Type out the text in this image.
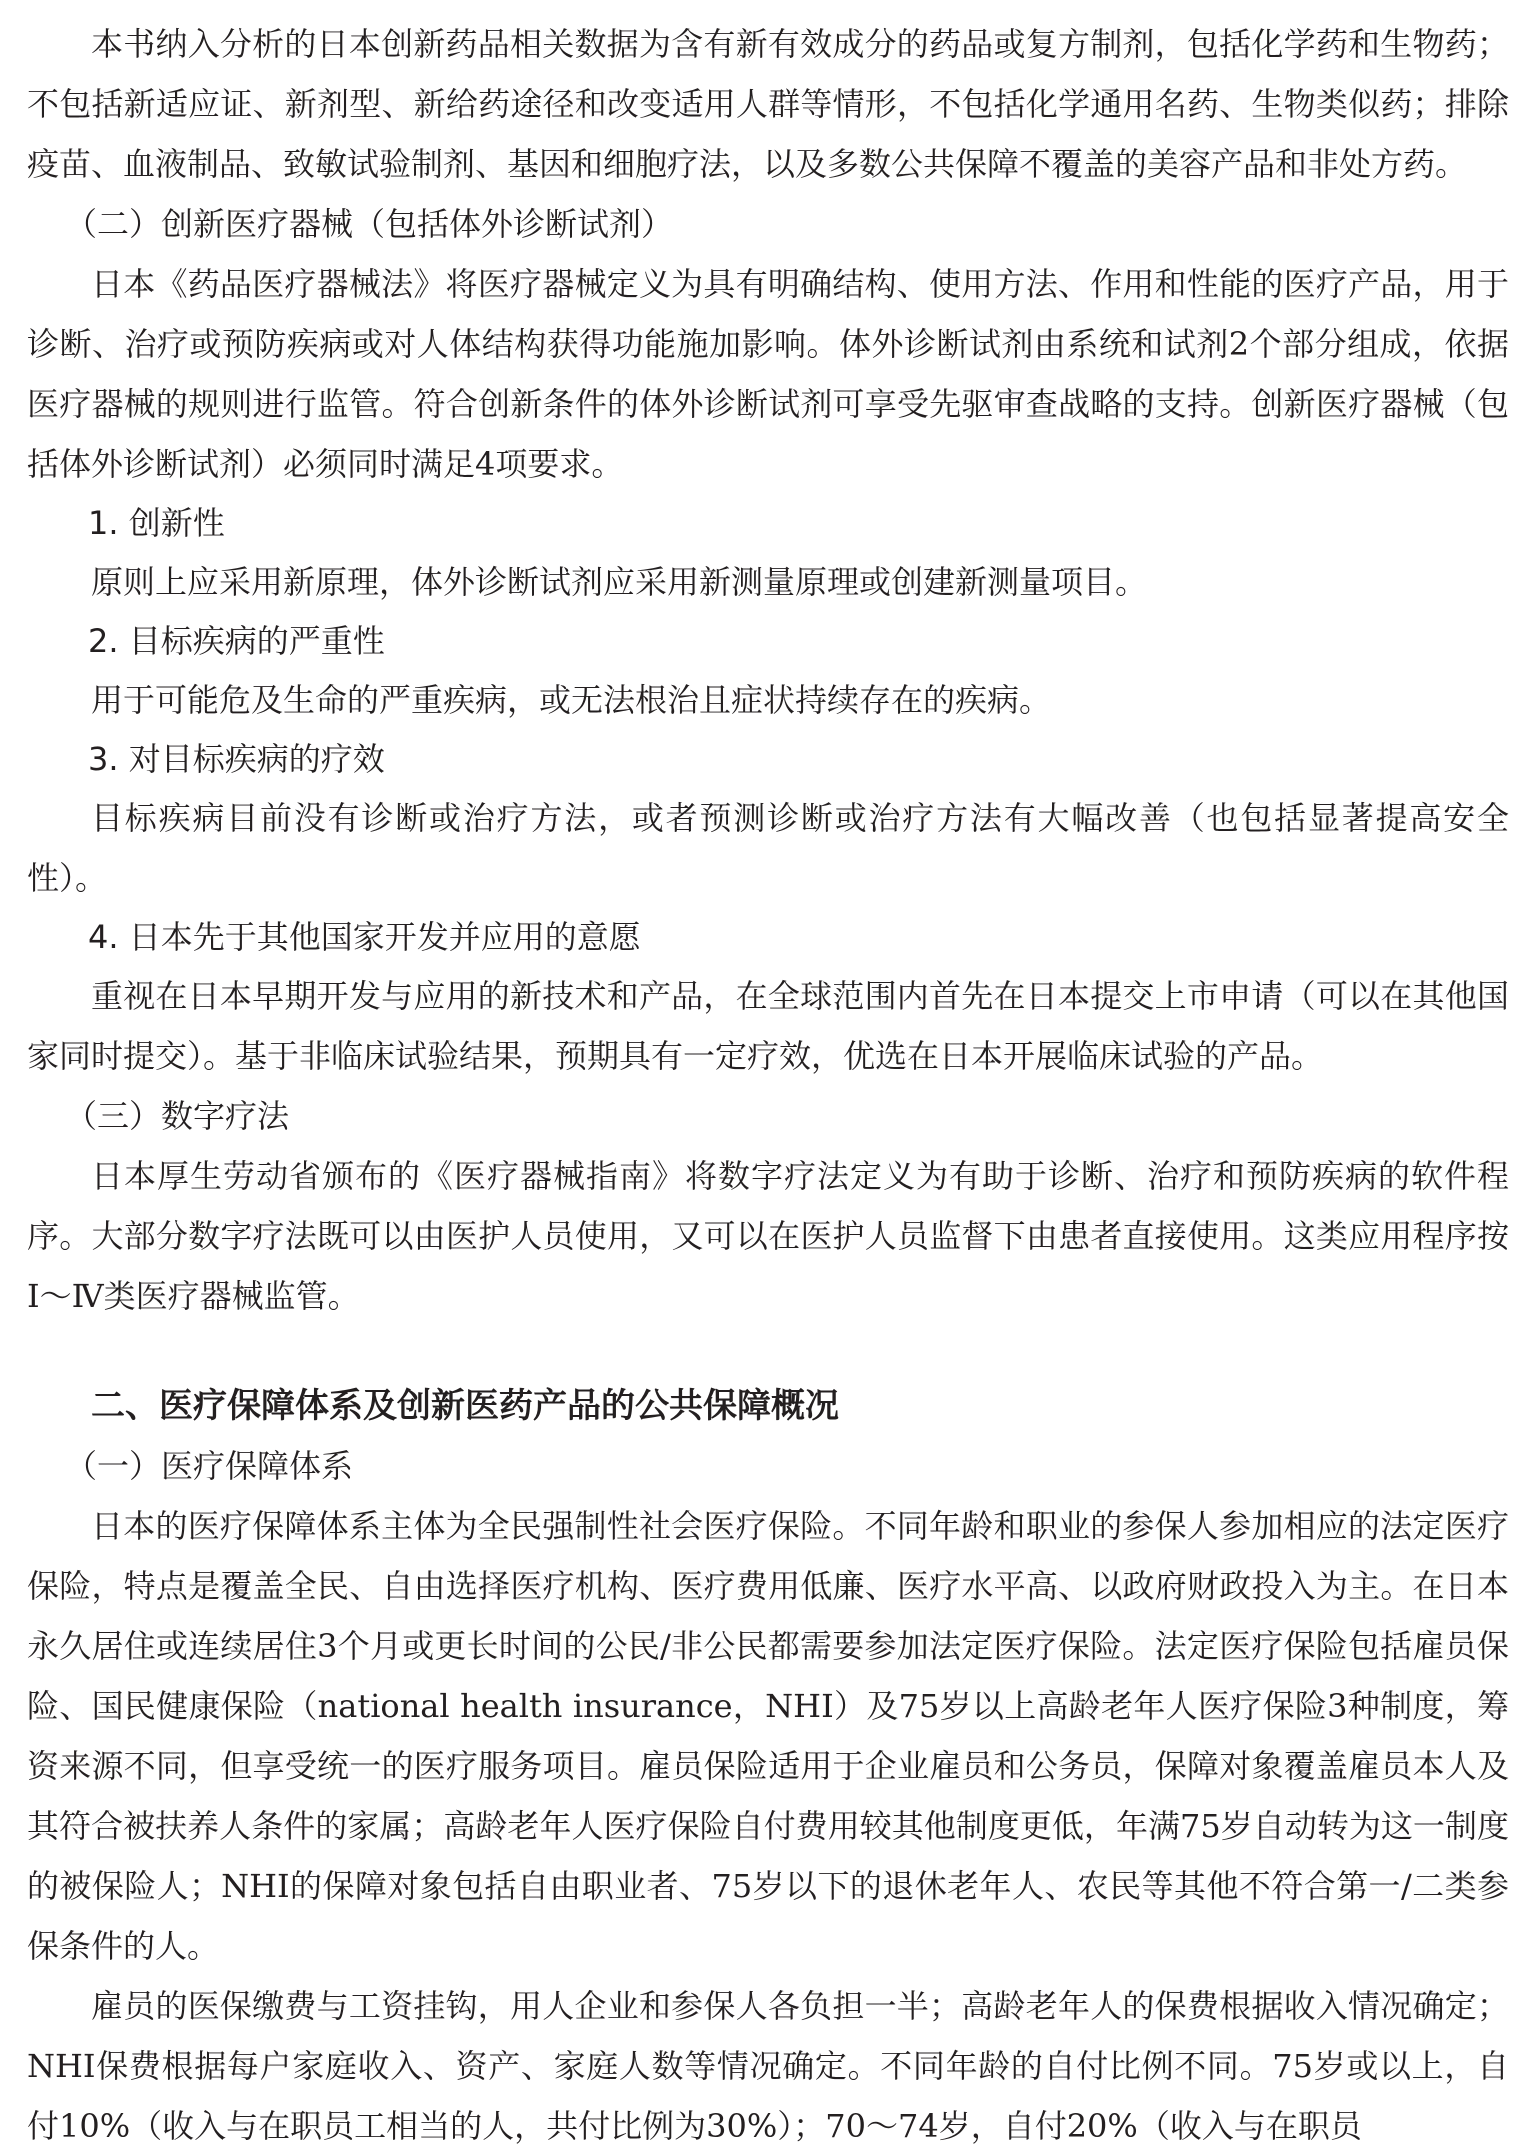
本书纳入分析的日本创新药品相关数据为含有新有效成分的药品或复方制剂，包括化学药和生物药；不包括新适应证、新剂型、新给药途径和改变适用人群等情形，不包括化学通用名药、生物类似药；排除疫苗、血液制品、致敏试验制剂、基因和细胞疗法，以及多数公共保障不覆盖的美容产品和非处方药。

（二）创新医疗器械（包括体外诊断试剂）

日本《药品医疗器械法》将医疗器械定义为具有明确结构、使用方法、作用和性能的医疗产品，用于诊断、治疗或预防疾病或对人体结构获得功能施加影响。体外诊断试剂由系统和试剂2个部分组成，依据医疗器械的规则进行监管。符合创新条件的体外诊断试剂可享受先驱审查战略的支持。创新医疗器械（包括体外诊断试剂）必须同时满足4项要求。

1. 创新性

原则上应采用新原理，体外诊断试剂应采用新测量原理或创建新测量项目。

2. 目标疾病的严重性

用于可能危及生命的严重疾病，或无法根治且症状持续存在的疾病。

3. 对目标疾病的疗效

目标疾病目前没有诊断或治疗方法，或者预测诊断或治疗方法有大幅改善（也包括显著提高安全性）。

4. 日本先于其他国家开发并应用的意愿

重视在日本早期开发与应用的新技术和产品，在全球范围内首先在日本提交上市申请（可以在其他国家同时提交）。基于非临床试验结果，预期具有一定疗效，优选在日本开展临床试验的产品。

（三）数字疗法

日本厚生劳动省颁布的《医疗器械指南》将数字疗法定义为有助于诊断、治疗和预防疾病的软件程序。大部分数字疗法既可以由医护人员使用，又可以在医护人员监督下由患者直接使用。这类应用程序按Ⅰ～Ⅳ类医疗器械监管。

二、医疗保障体系及创新医药产品的公共保障概况
（一）医疗保障体系

日本的医疗保障体系主体为全民强制性社会医疗保险。不同年龄和职业的参保人参加相应的法定医疗保险，特点是覆盖全民、自由选择医疗机构、医疗费用低廉、医疗水平高、以政府财政投入为主。在日本永久居住或连续居住3个月或更长时间的公民/非公民都需要参加法定医疗保险。法定医疗保险包括雇员保险、国民健康保险（national health insurance，NHI）及75岁以上高龄老年人医疗保险3种制度，筹资来源不同，但享受统一的医疗服务项目。雇员保险适用于企业雇员和公务员，保障对象覆盖雇员本人及其符合被扶养人条件的家属；高龄老年人医疗保险自付费用较其他制度更低，年满75岁自动转为这一制度的被保险人；NHI的保障对象包括自由职业者、75岁以下的退休老年人、农民等其他不符合第一/二类参保条件的人。

雇员的医保缴费与工资挂钩，用人企业和参保人各负担一半；高龄老年人的保费根据收入情况确定；NHI保费根据每户家庭收入、资产、家庭人数等情况确定。不同年龄的自付比例不同。75岁或以上，自付10%（收入与在职员工相当的人，共付比例为30%）；70～74岁，自付20%（收入与在职员
